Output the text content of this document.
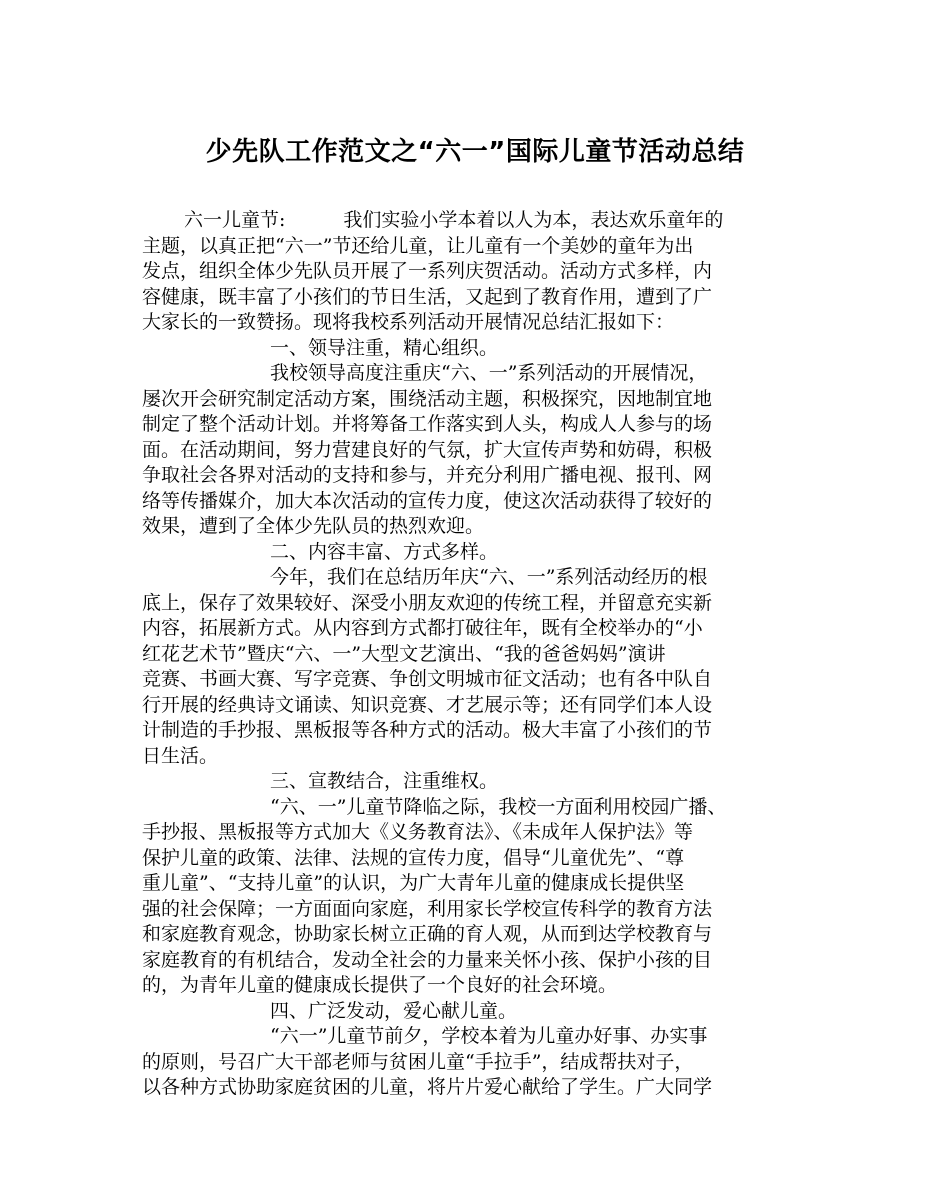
少先队工作范文之“六一”国际儿童节活动总结
六一儿童节:	我们实验小学本着以人为本，表达欢乐童年的
主题，以真正把“六一”节还给儿童，让儿童有一个美妙的童年为出
发点，组织全体少先队员开展了一系列庆贺活动。活动方式多样，内
容健康，既丰富了小孩们的节日生活，又起到了教育作用，遭到了广
大家长的一致赞扬。现将我校系列活动开展情况总结汇报如下：
一、领导注重，精心组织。
我校领导高度注重庆“六、一”系列活动的开展情况，
屡次开会研究制定活动方案，围绕活动主题，积极探究，因地制宜地
制定了整个活动计划。并将筹备工作落实到人头，构成人人参与的场
面。在活动期间，努力营建良好的气氛，扩大宣传声势和妨碍，积极
争取社会各界对活动的支持和参与，并充分利用广播电视、报刊、网
络等传播媒介，加大本次活动的宣传力度，使这次活动获得了较好的
效果，遭到了全体少先队员的热烈欢迎。
二、内容丰富、方式多样。
今年，我们在总结历年庆“六、一”系列活动经历的根
底上，保存了效果较好、深受小朋友欢迎的传统工程，并留意充实新
内容，拓展新方式。从内容到方式都打破往年，既有全校举办的“小
红花艺术节”暨庆“六、一”大型文艺演出、“我的爸爸妈妈”演讲
竞赛、书画大赛、写字竞赛、争创文明城市征文活动；也有各中队自
行开展的经典诗文诵读、知识竞赛、才艺展示等；还有同学们本人设
计制造的手抄报、黑板报等各种方式的活动。极大丰富了小孩们的节
日生活。
三、宣教结合，注重维权。
“六、一”儿童节降临之际，我校一方面利用校园广播、
手抄报、黑板报等方式加大《义务教育法》、《未成年人保护法》等
保护儿童的政策、法律、法规的宣传力度，倡导“儿童优先”、“尊
重儿童”、“支持儿童”的认识，为广大青年儿童的健康成长提供坚
强的社会保障；一方面面向家庭，利用家长学校宣传科学的教育方法
和家庭教育观念，协助家长树立正确的育人观，从而到达学校教育与
家庭教育的有机结合，发动全社会的力量来关怀小孩、保护小孩的目
的，为青年儿童的健康成长提供了一个良好的社会环境。
四、广泛发动，爱心献儿童。
“六一”儿童节前夕，学校本着为儿童办好事、办实事
的原则，号召广大干部老师与贫困儿童“手拉手”，结成帮扶对子，
以各种方式协助家庭贫困的儿童，将片片爱心献给了学生。广大同学
